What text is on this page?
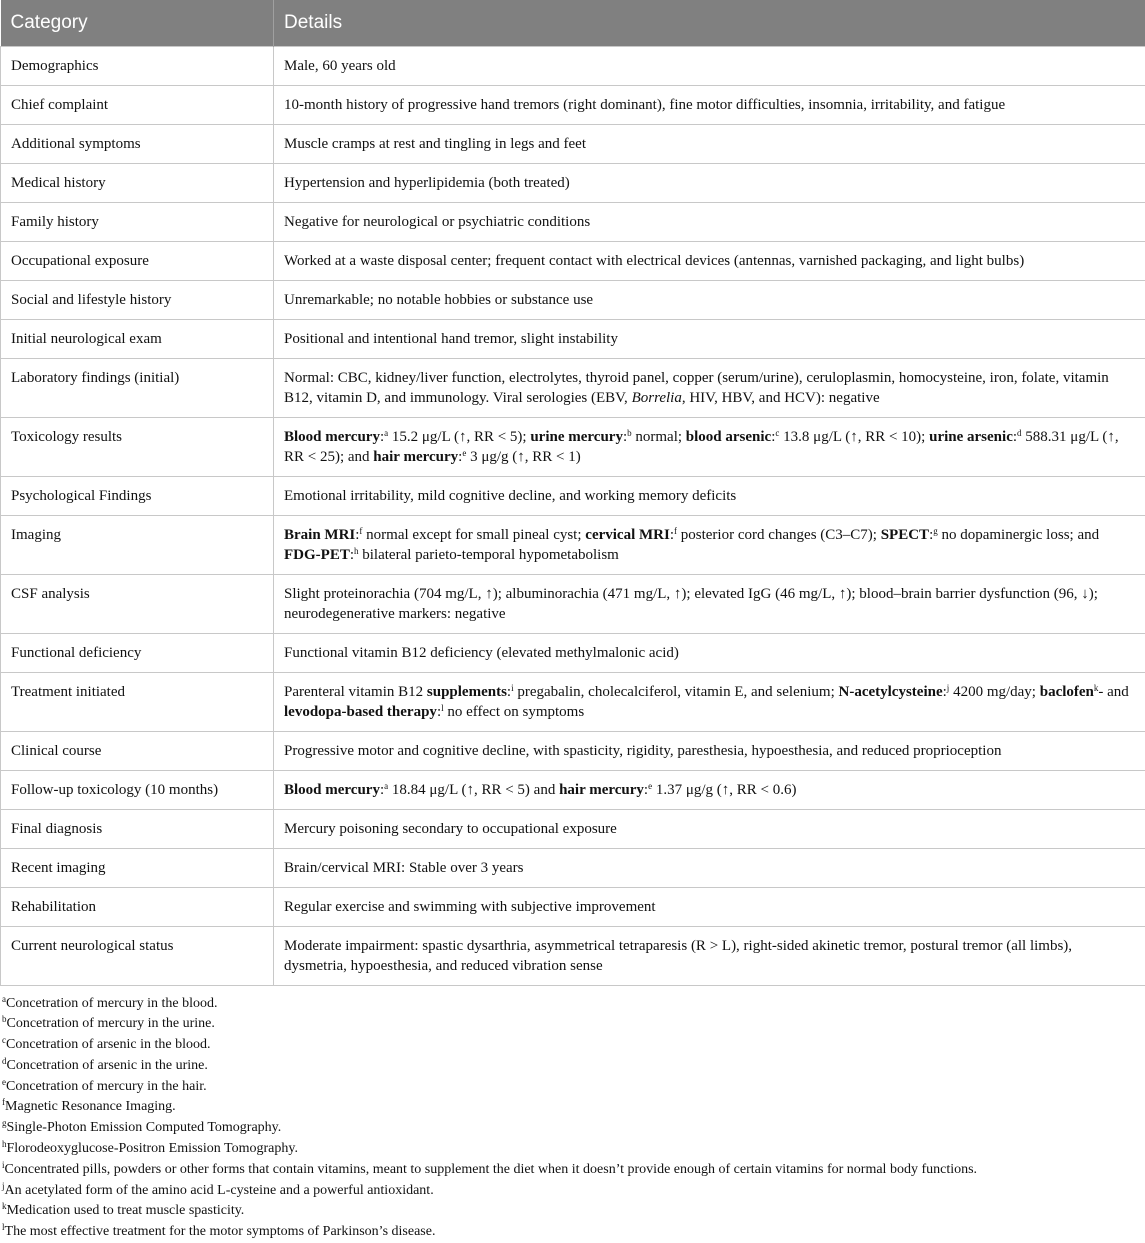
Category	Details
Demographics	Male, 60 years old
Chief complaint	10-month history of progressive hand tremors (right dominant), fine motor difficulties, insomnia, irritability, and fatigue
Additional symptoms	Muscle cramps at rest and tingling in legs and feet
Medical history	Hypertension and hyperlipidemia (both treated)
Family history	Negative for neurological or psychiatric conditions
Occupational exposure	Worked at a waste disposal center; frequent contact with electrical devices (antennas, varnished packaging, and light bulbs)
Social and lifestyle history	Unremarkable; no notable hobbies or substance use
Initial neurological exam	Positional and intentional hand tremor, slight instability
Laboratory findings (initial)	Normal: CBC, kidney/liver function, electrolytes, thyroid panel, copper (serum/urine), ceruloplasmin, homocysteine, iron, folate, vitamin B12, vitamin D, and immunology. Viral serologies (EBV, Borrelia, HIV, HBV, and HCV): negative
Toxicology results	Blood mercury:$^a$ 15.2 μg/L (↑, RR < 5); urine mercury:$^b$ normal; blood arsenic:$^c$ 13.8 μg/L (↑, RR < 10); urine arsenic:$^d$ 588.31 μg/L (↑, RR < 25); and hair mercury:$^e$ 3 μg/g (↑, RR < 1)
Psychological Findings	Emotional irritability, mild cognitive decline, and working memory deficits
Imaging	Brain MRI:$^f$ normal except for small pineal cyst; cervical MRI:$^f$ posterior cord changes (C3–C7); SPECT:$^g$ no dopaminergic loss; and FDG-PET:$^h$ bilateral parieto-temporal hypometabolism
CSF analysis	Slight proteinorachia (704 mg/L, ↑); albuminorachia (471 mg/L, ↑); elevated IgG (46 mg/L, ↑); blood–brain barrier dysfunction (96, ↓); neurodegenerative markers: negative
Functional deficiency	Functional vitamin B12 deficiency (elevated methylmalonic acid)
Treatment initiated	Parenteral vitamin B12 supplements:$^i$ pregabalin, cholecalciferol, vitamin E, and selenium; N-acetylcysteine:$^j$ 4200 mg/day; baclofen$^k$- and levodopa-based therapy:$^l$ no effect on symptoms
Clinical course	Progressive motor and cognitive decline, with spasticity, rigidity, paresthesia, hypoesthesia, and reduced proprioception
Follow-up toxicology (10 months)	Blood mercury:$^a$ 18.84 μg/L (↑, RR < 5) and hair mercury:$^e$ 1.37 μg/g (↑, RR < 0.6)
Final diagnosis	Mercury poisoning secondary to occupational exposure
Recent imaging	Brain/cervical MRI: Stable over 3 years
Rehabilitation	Regular exercise and swimming with subjective improvement
Current neurological status	Moderate impairment: spastic dysarthria, asymmetrical tetraparesis (R > L), right-sided akinetic tremor, postural tremor (all limbs), dysmetria, hypoesthesia, and reduced vibration sense
$^a$Concetration of mercury in the blood.
$^b$Concetration of mercury in the urine.
$^c$Concetration of arsenic in the blood.
$^d$Concetration of arsenic in the urine.
$^e$Concetration of mercury in the hair.
$^f$Magnetic Resonance Imaging.
$^g$Single-Photon Emission Computed Tomography.
$^h$Florodeoxyglucose-Positron Emission Tomography.
$^i$Concentrated pills, powders or other forms that contain vitamins, meant to supplement the diet when it doesn’t provide enough of certain vitamins for normal body functions.
$^j$An acetylated form of the amino acid L-cysteine and a powerful antioxidant.
$^k$Medication used to treat muscle spasticity.
$^l$The most effective treatment for the motor symptoms of Parkinson’s disease.
